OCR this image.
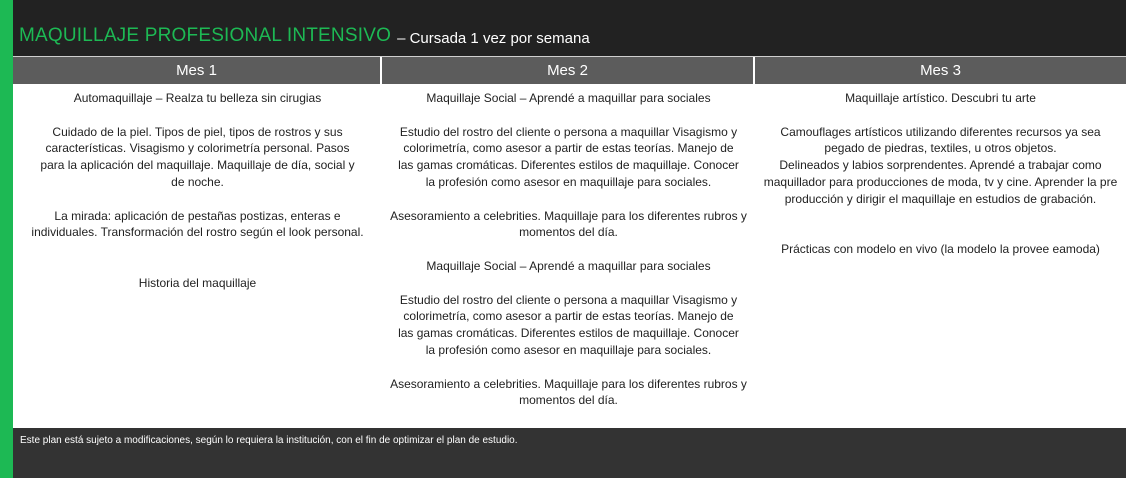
MAQUILLAJE PROFESIONAL INTENSIVO – Cursada 1 vez por semana
Mes 1

Automaquillaje – Realza tu belleza sin cirugias

Cuidado de la piel. Tipos de piel, tipos de rostros y sus características. Visagismo y colorimetría personal. Pasos para la aplicación del maquillaje. Maquillaje de día, social y de noche.

La mirada: aplicación de pestañas postizas, enteras e individuales. Transformación del rostro según el look personal.

Historia del maquillaje

Mes 2

Maquillaje Social – Aprendé a maquillar para sociales

Estudio del rostro del cliente o persona a maquillar Visagismo y colorimetría, como asesor a partir de estas teorías. Manejo de las gamas cromáticas. Diferentes estilos de maquillaje. Conocer la profesión como asesor en maquillaje para sociales.

Asesoramiento a celebrities. Maquillaje para los diferentes rubros y momentos del día.

Maquillaje Social – Aprendé a maquillar para sociales

Estudio del rostro del cliente o persona a maquillar Visagismo y colorimetría, como asesor a partir de estas teorías. Manejo de las gamas cromáticas. Diferentes estilos de maquillaje. Conocer la profesión como asesor en maquillaje para sociales.

Asesoramiento a celebrities. Maquillaje para los diferentes rubros y momentos del día.

Mes 3

Maquillaje artístico. Descubri tu arte

Camouflages artísticos utilizando diferentes recursos ya sea pegado de piedras, textiles, u otros objetos.

Delineados y labios sorprendentes. Aprendé a trabajar como maquillador para producciones de moda, tv y cine. Aprender la pre producción y dirigir el maquillaje en estudios de grabación.

Prácticas con modelo en vivo (la modelo la provee eamoda)

Este plan está sujeto a modificaciones, según lo requiera la institución, con el fin de optimizar el plan de estudio.
